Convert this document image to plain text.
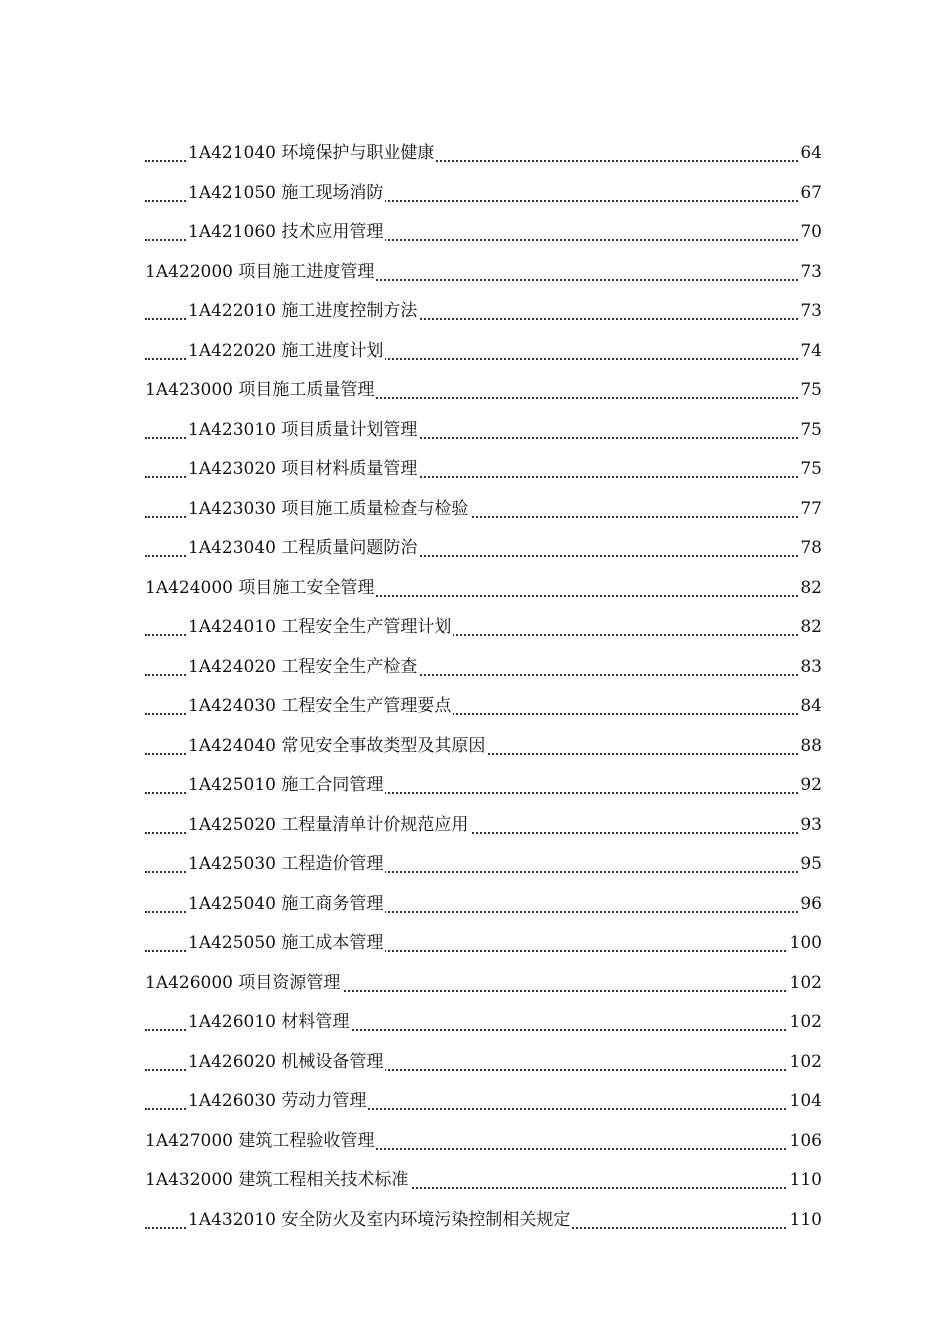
1A421040 环境保护与职业健康	64
1A421050 施工现场消防	67
1A421060 技术应用管理	70
1A422000 项目施工进度管理	73
1A422010 施工进度控制方法	73
1A422020 施工进度计划	74
1A423000 项目施工质量管理	75
1A423010 项目质量计划管理	75
1A423020 项目材料质量管理	75
1A423030 项目施工质量检查与检验	77
1A423040 工程质量问题防治	78
1A424000 项目施工安全管理	82
1A424010 工程安全生产管理计划	82
1A424020 工程安全生产检查	83
1A424030 工程安全生产管理要点	84
1A424040 常见安全事故类型及其原因	88
1A425010 施工合同管理	92
1A425020 工程量清单计价规范应用	93
1A425030 工程造价管理	95
1A425040 施工商务管理	96
1A425050 施工成本管理	100
1A426000 项目资源管理	102
1A426010 材料管理	102
1A426020 机械设备管理	102
1A426030 劳动力管理	104
1A427000 建筑工程验收管理	106
1A432000 建筑工程相关技术标准	110
1A432010 安全防火及室内环境污染控制相关规定	110
